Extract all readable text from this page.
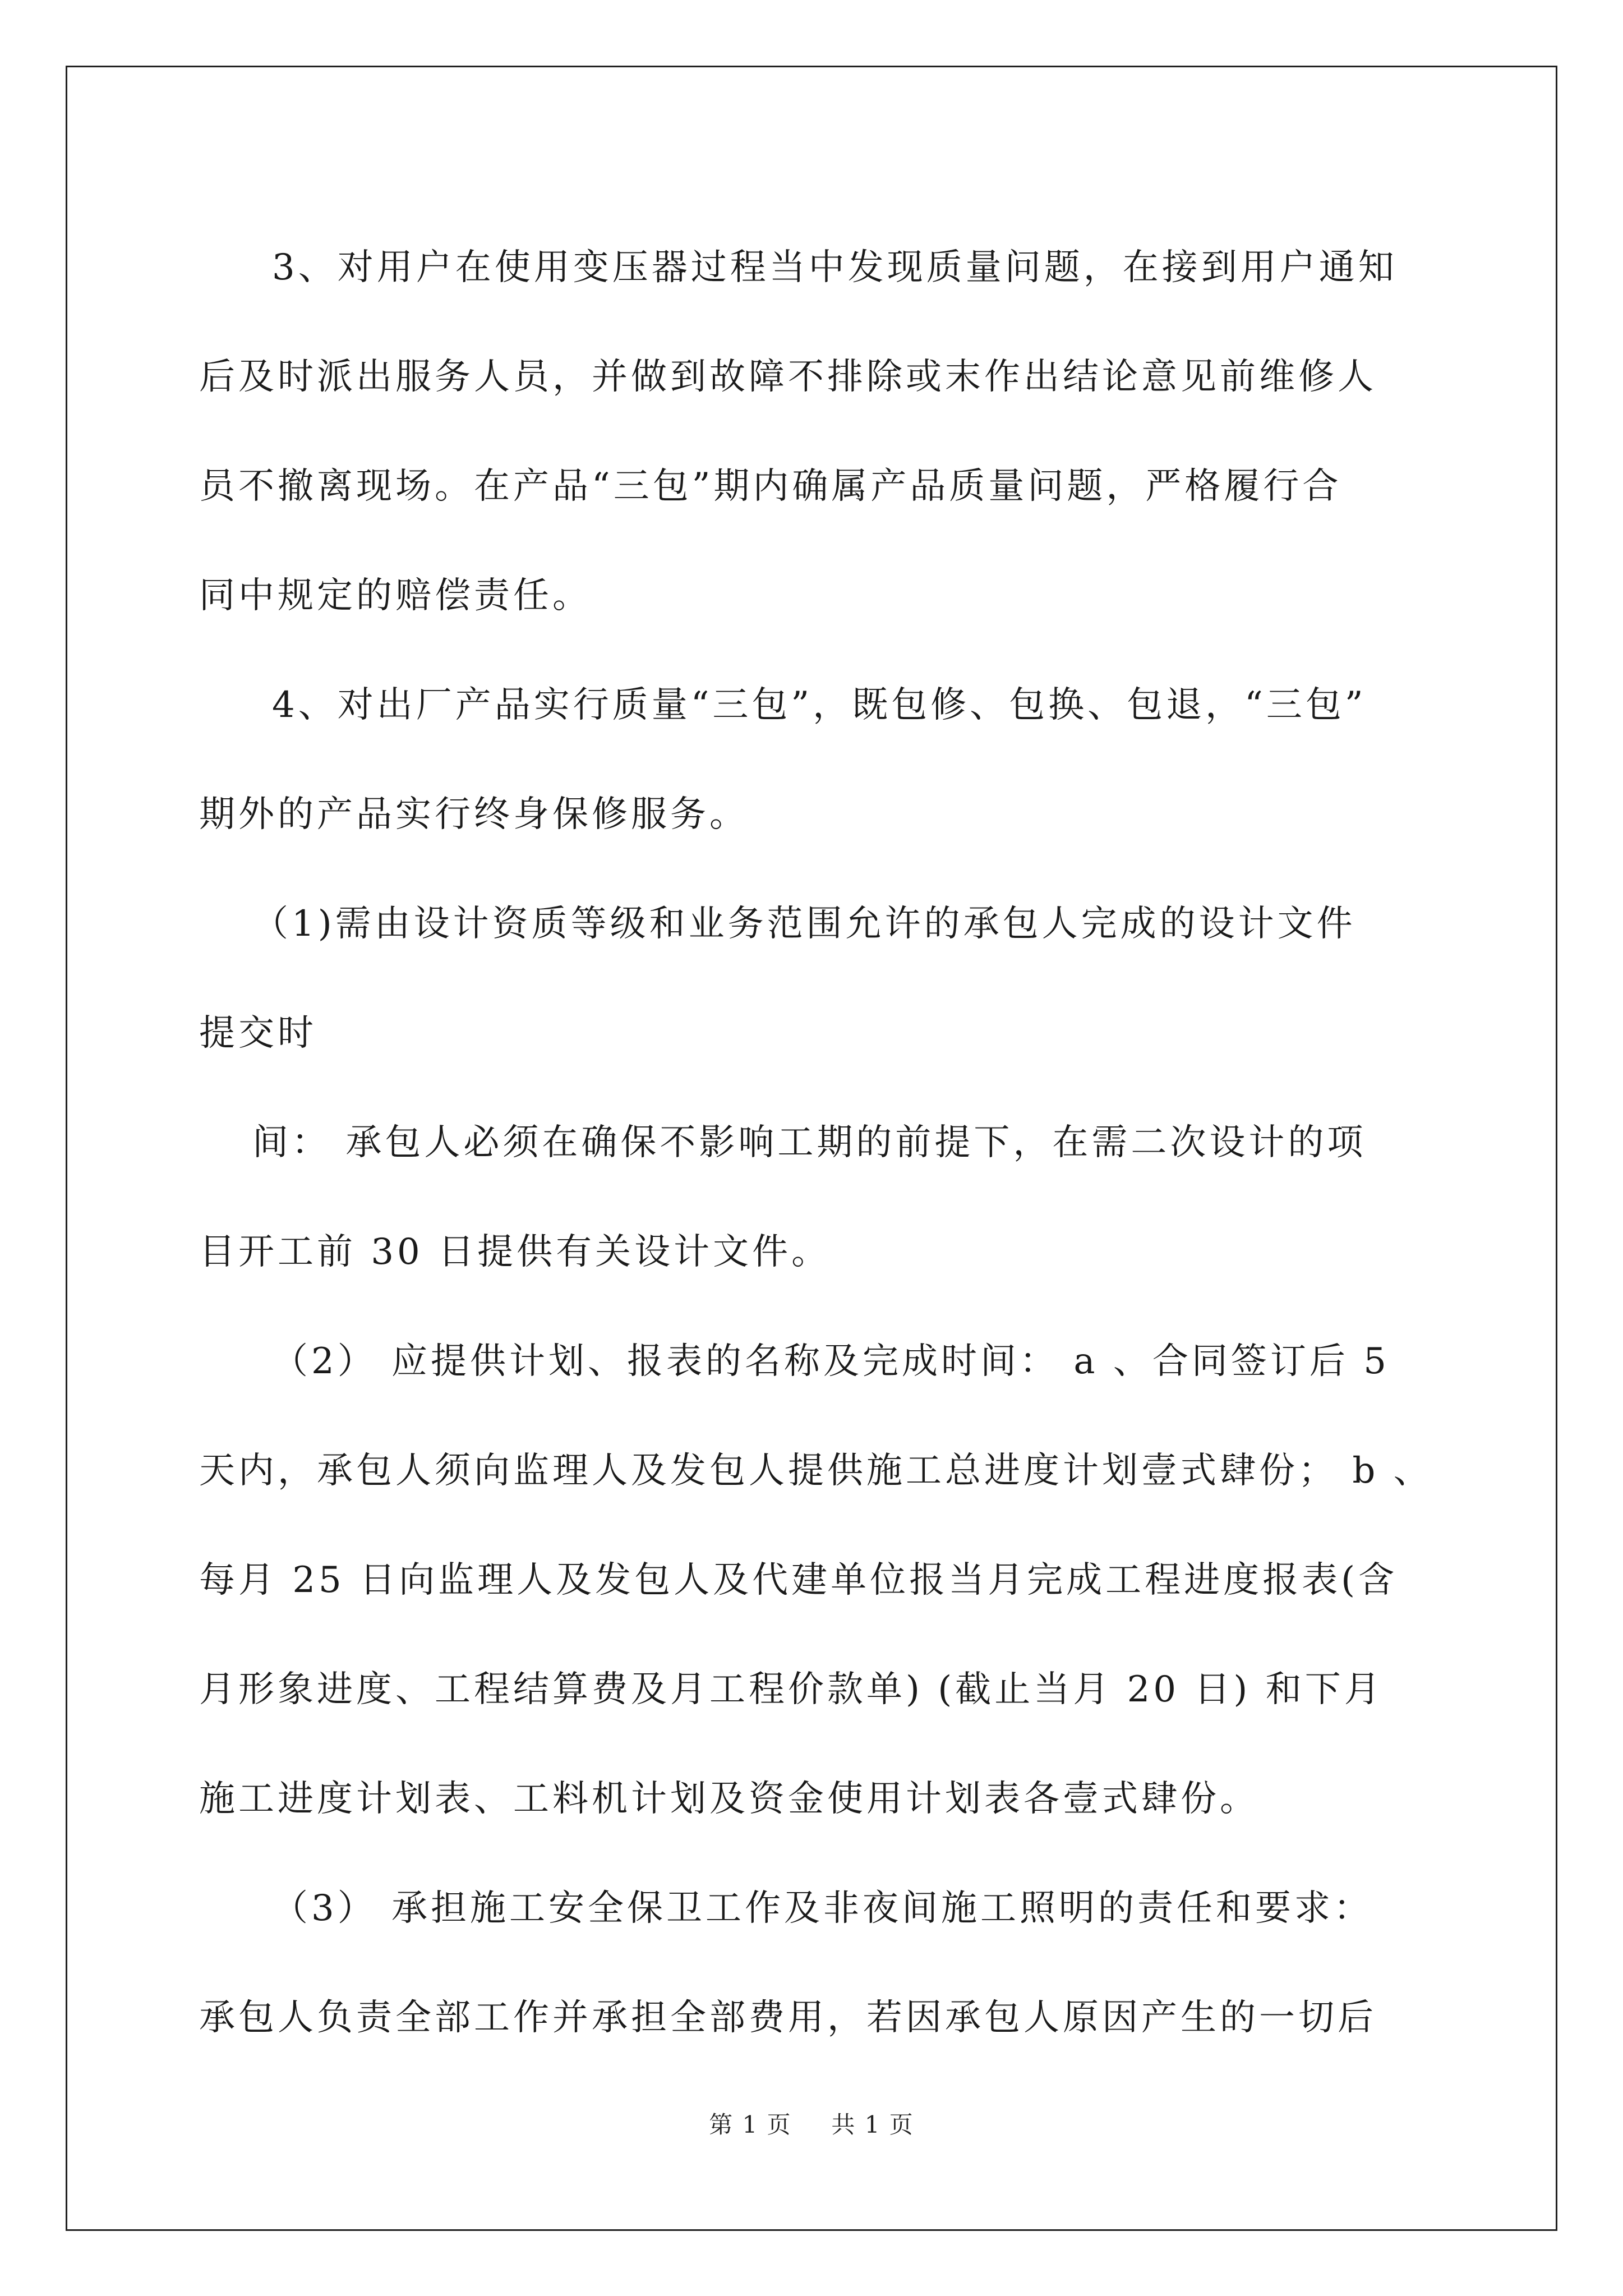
3、对用户在使用变压器过程当中发现质量问题，在接到用户通知
后及时派出服务人员，并做到故障不排除或末作出结论意见前维修人
员不撤离现场。在产品“三包”期内确属产品质量问题，严格履行合
同中规定的赔偿责任。
4、对出厂产品实行质量“三包”，既包修、包换、包退，“三包”
期外的产品实行终身保修服务。
（1)需由设计资质等级和业务范围允许的承包人完成的设计文件
提交时
间： 承包人必须在确保不影响工期的前提下，在需二次设计的项
目开工前 30 日提供有关设计文件。
（2） 应提供计划、报表的名称及完成时间： a 、合同签订后 5
天内，承包人须向监理人及发包人提供施工总进度计划壹式肆份； b 、
每月 25 日向监理人及发包人及代建单位报当月完成工程进度报表(含
月形象进度、工程结算费及月工程价款单) (截止当月 20 日) 和下月
施工进度计划表、工料机计划及资金使用计划表各壹式肆份。
（3） 承担施工安全保卫工作及非夜间施工照明的责任和要求：
承包人负责全部工作并承担全部费用，若因承包人原因产生的一切后
第 1 页 共 1 页
